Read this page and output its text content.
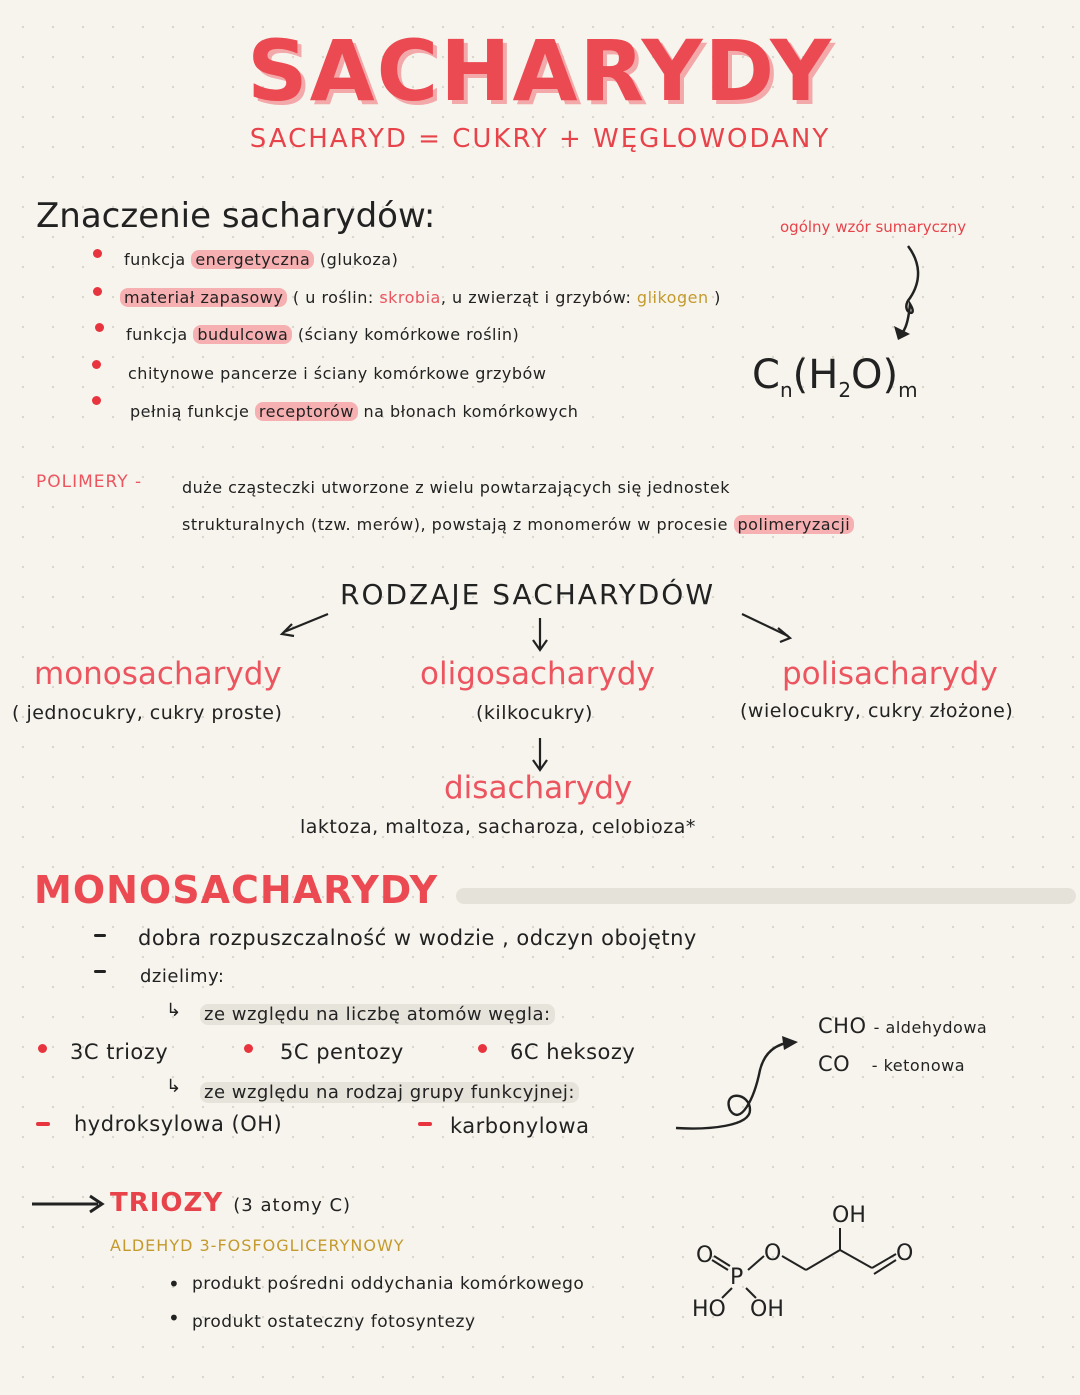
SACHARYDY
SACHARYD = CUKRY + WĘGLOWODANY
Znaczenie sacharydów:
funkcja energetyczna (glukoza)
materiał zapasowy ( u roślin: skrobia, u zwierząt i grzybów: glikogen )
funkcja budulcowa (ściany komórkowe roślin)
chitynowe pancerze i ściany komórkowe grzybów
pełnią funkcje receptorów na błonach komórkowych
ogólny wzór sumaryczny
$C_n(H_2O)_m$
POLIMERY - duże cząsteczki utworzone z wielu powtarzających się jednostek
strukturalnych (tzw. merów), powstają z monomerów w procesie polimeryzacji
RODZAJE SACHARYDÓW
monosacharydy
( jednocukry, cukry proste)
oligosacharydy
(kilkocukry)
polisacharydy
(wielocukry, cukry złożone)
disacharydy
laktoza, maltoza, sacharoza, celobioza*
MONOSACHARYDY
dobra rozpuszczalność w wodzie , odczyn obojętny
dzielimy:
↳ ze względu na liczbę atomów węgla:
3C triozy	5C pentozy	6C heksozy
↳ ze względu na rodzaj grupy funkcyjnej:
hydroksylowa (OH)	karbonylowa
CHO - aldehydowa
CO - ketonowa
TRIOZY (3 atomy C)
ALDEHYD 3-FOSFOGLICERYNOWY
• produkt pośredni oddychania komórkowego
• produkt ostateczny fotosyntezy
OH
O
O
P
O
HO OH
